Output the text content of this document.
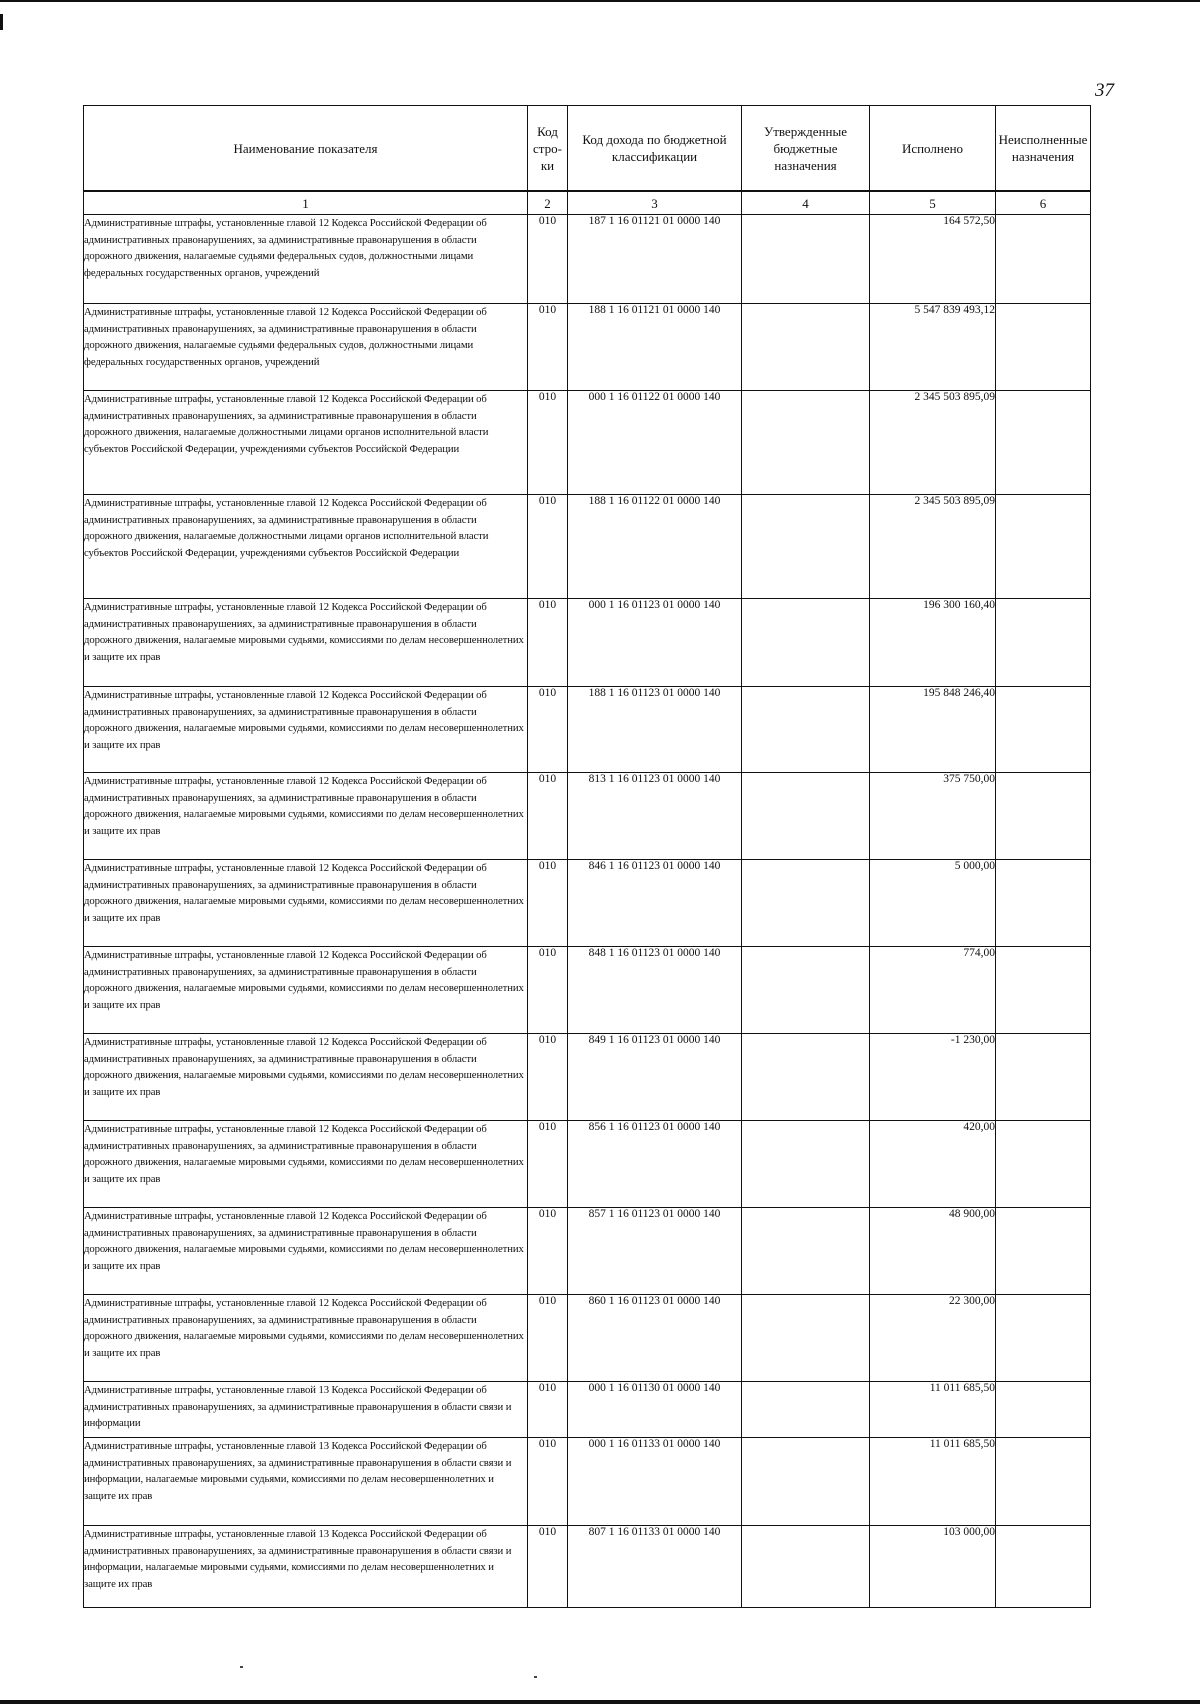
37
Наименование показателя	Код стро-ки	Код дохода по бюджетной классификации	Утвержденные бюджетные назначения	Исполнено	Неисполненные назначения
1	2	3	4	5	6
Административные штрафы, установленные главой 12 Кодекса Российской Федерации об административных правонарушениях, за административные правонарушения в области дорожного движения, налагаемые судьями федеральных судов, должностными лицами федеральных государственных органов, учреждений	010	187 1 16 01121 01 0000 140		164 572,50	
Административные штрафы, установленные главой 12 Кодекса Российской Федерации об административных правонарушениях, за административные правонарушения в области дорожного движения, налагаемые судьями федеральных судов, должностными лицами федеральных государственных органов, учреждений	010	188 1 16 01121 01 0000 140		5 547 839 493,12	
Административные штрафы, установленные главой 12 Кодекса Российской Федерации об административных правонарушениях, за административные правонарушения в области дорожного движения, налагаемые должностными лицами органов исполнительной власти субъектов Российской Федерации, учреждениями субъектов Российской Федерации	010	000 1 16 01122 01 0000 140		2 345 503 895,09	
Административные штрафы, установленные главой 12 Кодекса Российской Федерации об административных правонарушениях, за административные правонарушения в области дорожного движения, налагаемые должностными лицами органов исполнительной власти субъектов Российской Федерации, учреждениями субъектов Российской Федерации	010	188 1 16 01122 01 0000 140		2 345 503 895,09	
Административные штрафы, установленные главой 12 Кодекса Российской Федерации об административных правонарушениях, за административные правонарушения в области дорожного движения, налагаемые мировыми судьями, комиссиями по делам несовершеннолетних и защите их прав	010	000 1 16 01123 01 0000 140		196 300 160,40	
Административные штрафы, установленные главой 12 Кодекса Российской Федерации об административных правонарушениях, за административные правонарушения в области дорожного движения, налагаемые мировыми судьями, комиссиями по делам несовершеннолетних и защите их прав	010	188 1 16 01123 01 0000 140		195 848 246,40	
Административные штрафы, установленные главой 12 Кодекса Российской Федерации об административных правонарушениях, за административные правонарушения в области дорожного движения, налагаемые мировыми судьями, комиссиями по делам несовершеннолетних и защите их прав	010	813 1 16 01123 01 0000 140		375 750,00	
Административные штрафы, установленные главой 12 Кодекса Российской Федерации об административных правонарушениях, за административные правонарушения в области дорожного движения, налагаемые мировыми судьями, комиссиями по делам несовершеннолетних и защите их прав	010	846 1 16 01123 01 0000 140		5 000,00	
Административные штрафы, установленные главой 12 Кодекса Российской Федерации об административных правонарушениях, за административные правонарушения в области дорожного движения, налагаемые мировыми судьями, комиссиями по делам несовершеннолетних и защите их прав	010	848 1 16 01123 01 0000 140		774,00	
Административные штрафы, установленные главой 12 Кодекса Российской Федерации об административных правонарушениях, за административные правонарушения в области дорожного движения, налагаемые мировыми судьями, комиссиями по делам несовершеннолетних и защите их прав	010	849 1 16 01123 01 0000 140		-1 230,00	
Административные штрафы, установленные главой 12 Кодекса Российской Федерации об административных правонарушениях, за административные правонарушения в области дорожного движения, налагаемые мировыми судьями, комиссиями по делам несовершеннолетних и защите их прав	010	856 1 16 01123 01 0000 140		420,00	
Административные штрафы, установленные главой 12 Кодекса Российской Федерации об административных правонарушениях, за административные правонарушения в области дорожного движения, налагаемые мировыми судьями, комиссиями по делам несовершеннолетних и защите их прав	010	857 1 16 01123 01 0000 140		48 900,00	
Административные штрафы, установленные главой 12 Кодекса Российской Федерации об административных правонарушениях, за административные правонарушения в области дорожного движения, налагаемые мировыми судьями, комиссиями по делам несовершеннолетних и защите их прав	010	860 1 16 01123 01 0000 140		22 300,00	
Административные штрафы, установленные главой 13 Кодекса Российской Федерации об административных правонарушениях, за административные правонарушения в области связи и информации	010	000 1 16 01130 01 0000 140		11 011 685,50	
Административные штрафы, установленные главой 13 Кодекса Российской Федерации об административных правонарушениях, за административные правонарушения в области связи и информации, налагаемые мировыми судьями, комиссиями по делам несовершеннолетних и защите их прав	010	000 1 16 01133 01 0000 140		11 011 685,50	
Административные штрафы, установленные главой 13 Кодекса Российской Федерации об административных правонарушениях, за административные правонарушения в области связи и информации, налагаемые мировыми судьями, комиссиями по делам несовершеннолетних и защите их прав	010	807 1 16 01133 01 0000 140		103 000,00	
